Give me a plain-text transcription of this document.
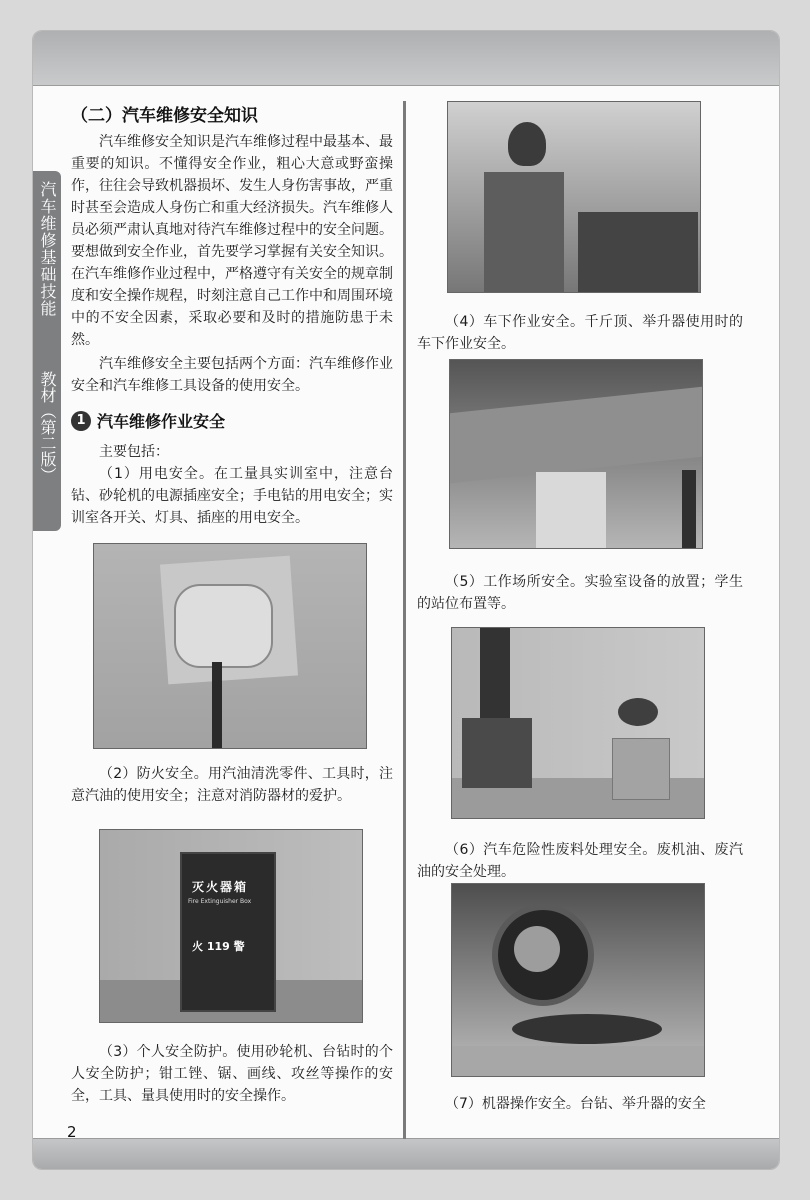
汽车维修基础技能
教材（第二版）
（二）汽车维修安全知识

汽车维修安全知识是汽车维修过程中最基本、最重要的知识。不懂得安全作业，粗心大意或野蛮操作，往往会导致机器损坏、发生人身伤害事故，严重时甚至会造成人身伤亡和重大经济损失。汽车维修人员必须严肃认真地对待汽车维修过程中的安全问题。要想做到安全作业，首先要学习掌握有关安全知识。在汽车维修作业过程中，严格遵守有关安全的规章制度和安全操作规程，时刻注意自己工作中和周围环境中的不安全因素，采取必要和及时的措施防患于未然。

汽车维修安全主要包括两个方面：汽车维修作业安全和汽车维修工具设备的使用安全。

1 汽车维修作业安全

主要包括：

（1）用电安全。在工量具实训室中，注意台钻、砂轮机的电源插座安全；手电钻的用电安全；实训室各开关、灯具、插座的用电安全。

（2）防火安全。用汽油清洗零件、工具时，注意汽油的使用安全；注意对消防器材的爱护。

灭火器箱
Fire Extinguisher Box
火 119 警

（3）个人安全防护。使用砂轮机、台钻时的个人安全防护；钳工锉、锯、画线、攻丝等操作的安全，工具、量具使用时的安全操作。

（4）车下作业安全。千斤顶、举升器使用时的车下作业安全。

（5）工作场所安全。实验室设备的放置；学生的站位布置等。

（6）汽车危险性废料处理安全。废机油、废汽油的安全处理。

（7）机器操作安全。台钻、举升器的安全

2
